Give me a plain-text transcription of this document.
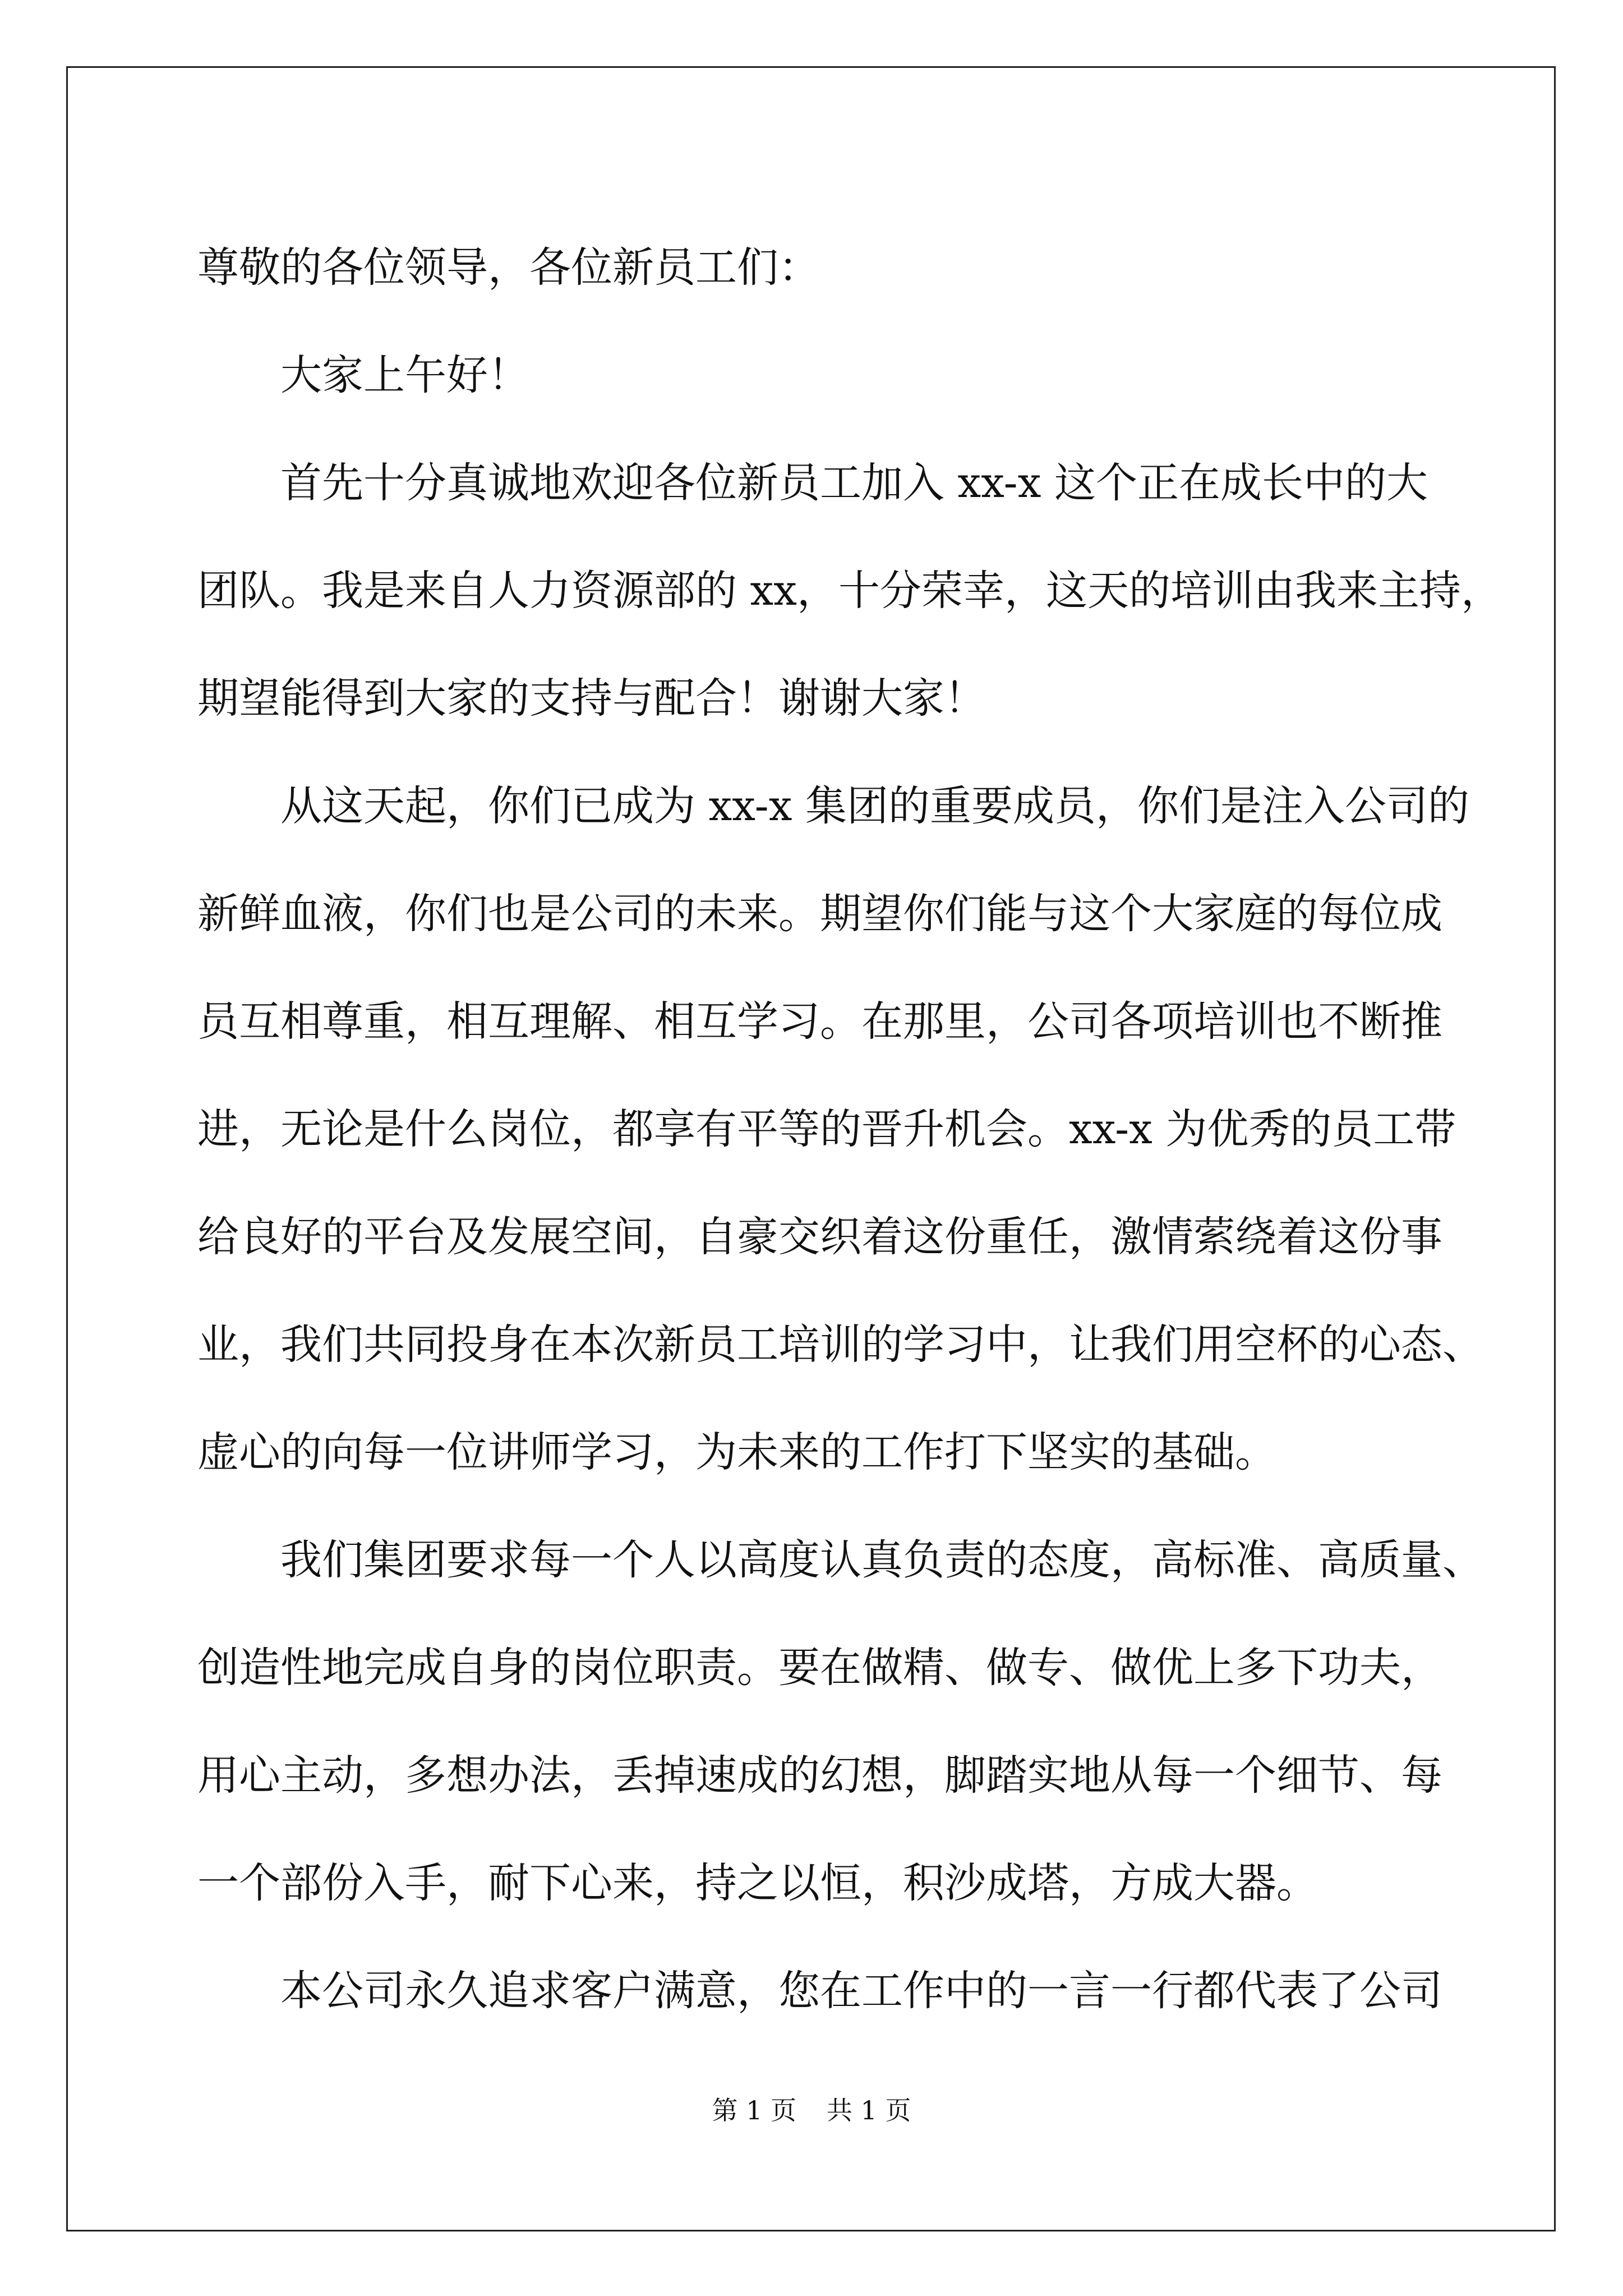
尊敬的各位领导，各位新员工们：
大家上午好！
首先十分真诚地欢迎各位新员工加入 xx-x 这个正在成长中的大
团队。我是来自人力资源部的 xx，十分荣幸，这天的培训由我来主持，
期望能得到大家的支持与配合！谢谢大家！
从这天起，你们已成为 xx-x 集团的重要成员，你们是注入公司的
新鲜血液，你们也是公司的未来。期望你们能与这个大家庭的每位成
员互相尊重，相互理解、相互学习。在那里，公司各项培训也不断推
进，无论是什么岗位，都享有平等的晋升机会。xx-x 为优秀的员工带
给良好的平台及发展空间，自豪交织着这份重任，激情萦绕着这份事
业，我们共同投身在本次新员工培训的学习中，让我们用空杯的心态、
虚心的向每一位讲师学习，为未来的工作打下坚实的基础。
我们集团要求每一个人以高度认真负责的态度，高标准、高质量、
创造性地完成自身的岗位职责。要在做精、做专、做优上多下功夫，
用心主动，多想办法，丢掉速成的幻想，脚踏实地从每一个细节、每
一个部份入手，耐下心来，持之以恒，积沙成塔，方成大器。
本公司永久追求客户满意，您在工作中的一言一行都代表了公司
第 1 页 共 1 页
